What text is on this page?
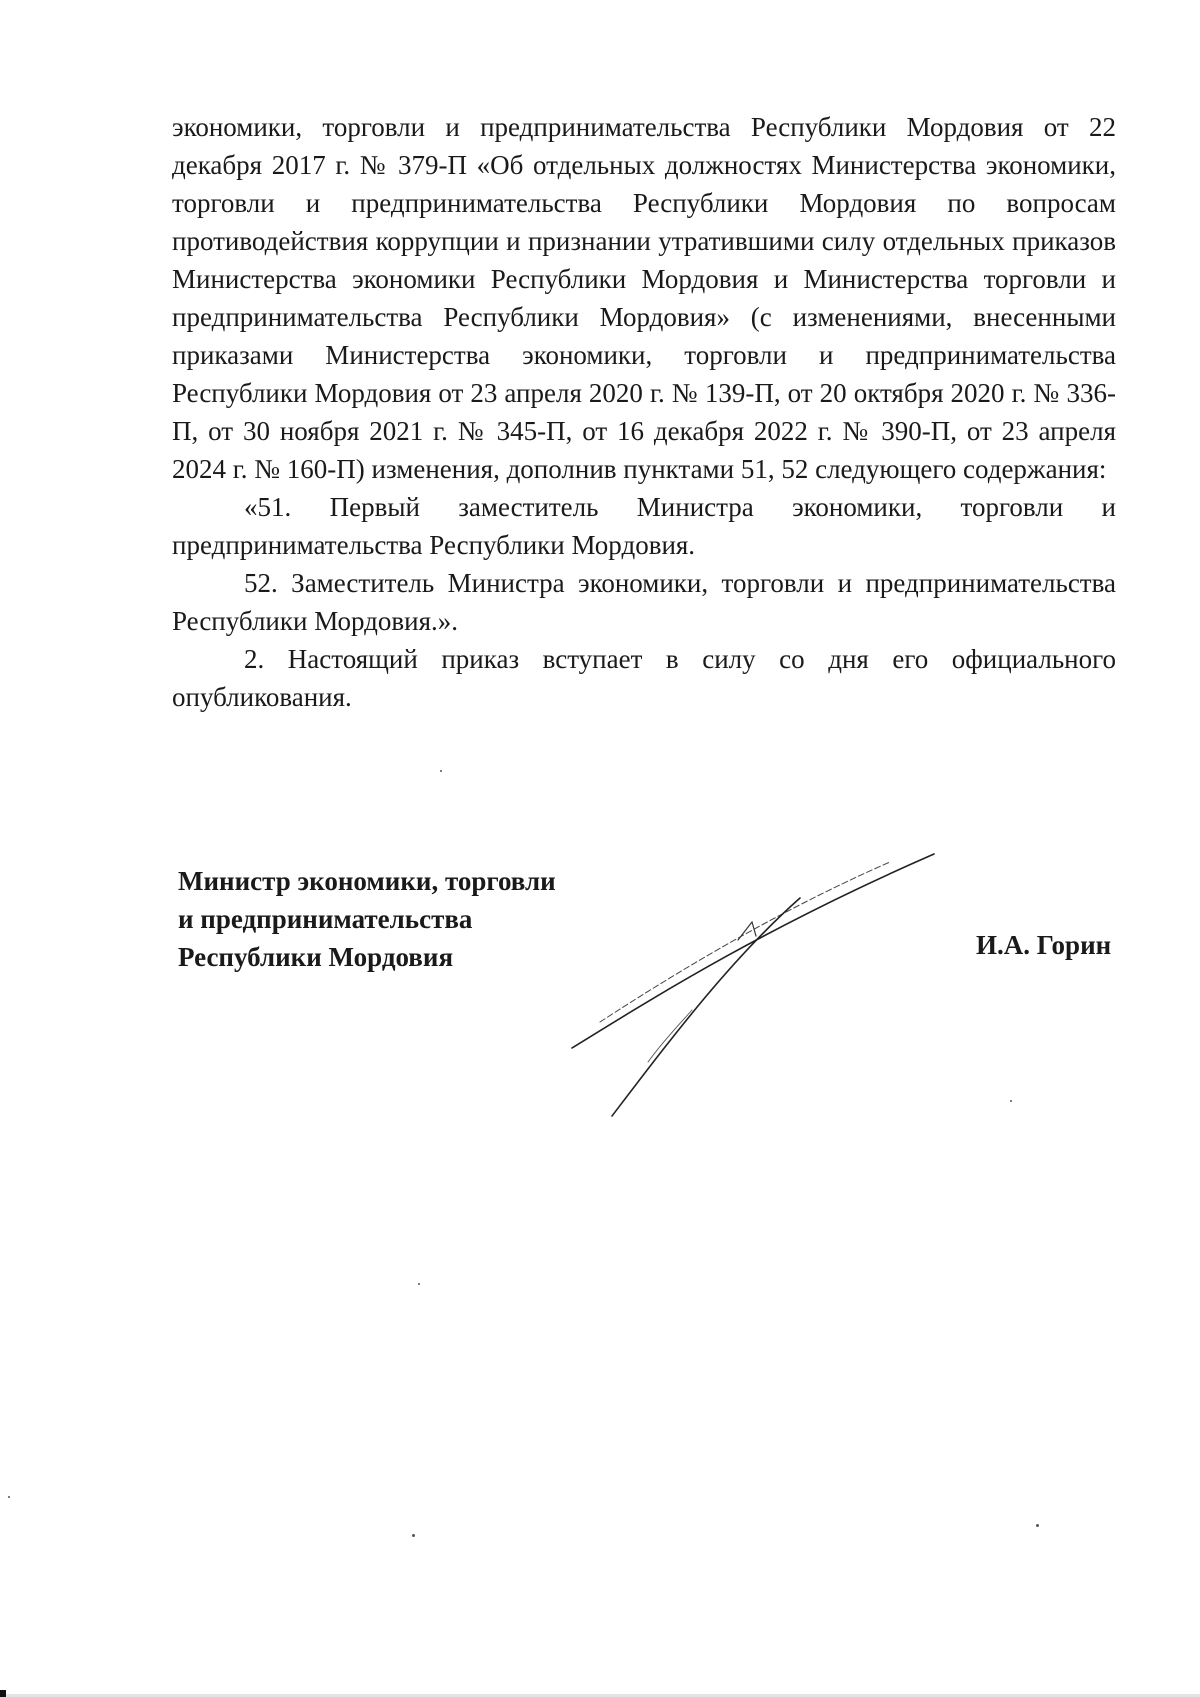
экономики, торговли и предпринимательства Республики Мордовия от 22 декабря 2017 г. № 379-П «Об отдельных должностях Министерства экономики, торговли и предпринимательства Республики Мордовия по вопросам противодействия коррупции и признании утратившими силу отдельных приказов Министерства экономики Республики Мордовия и Министерства торговли и предпринимательства Республики Мордовия» (с изменениями, внесенными приказами Министерства экономики, торговли и предпринимательства Республики Мордовия от 23 апреля 2020 г. № 139-П, от 20 октября 2020 г. № 336-П, от 30 ноября 2021 г. № 345-П, от 16 декабря 2022 г. № 390-П, от 23 апреля 2024 г. № 160-П) изменения, дополнив пунктами 51, 52 следующего содержания:

«51. Первый заместитель Министра экономики, торговли и предпринимательства Республики Мордовия.

52. Заместитель Министра экономики, торговли и предпринимательства Республики Мордовия.».

2. Настоящий приказ вступает в силу со дня его официального опубликования.

Министр экономики, торговли
и предпринимательства
Республики Мордовия	И.А. Горин
